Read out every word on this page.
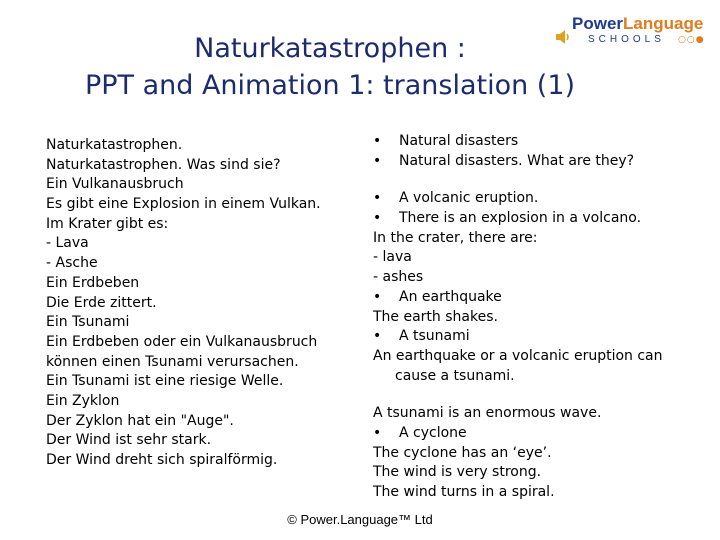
Naturkatastrophen :
PPT and Animation 1: translation (1)
PowerLanguage
SCHOOLS ○○●
Naturkatastrophen.
Naturkatastrophen. Was sind sie?
Ein Vulkanausbruch
Es gibt eine Explosion in einem Vulkan.
Im Krater gibt es:
- Lava
- Asche
Ein Erdbeben
Die Erde zittert.
Ein Tsunami
Ein Erdbeben oder ein Vulkanausbruch
können einen Tsunami verursachen.
Ein Tsunami ist eine riesige Welle.
Ein Zyklon
Der Zyklon hat ein "Auge".
Der Wind ist sehr stark.
Der Wind dreht sich spiralförmig.
• Natural disasters
• Natural disasters. What are they?
• A volcanic eruption.
• There is an explosion in a volcano.
In the crater, there are:
- lava
- ashes
• An earthquake
The earth shakes.
• A tsunami
An earthquake or a volcanic eruption can
cause a tsunami.
A tsunami is an enormous wave.
• A cyclone
The cyclone has an ‘eye’.
The wind is very strong.
The wind turns in a spiral.
© Power.Language™ Ltd
